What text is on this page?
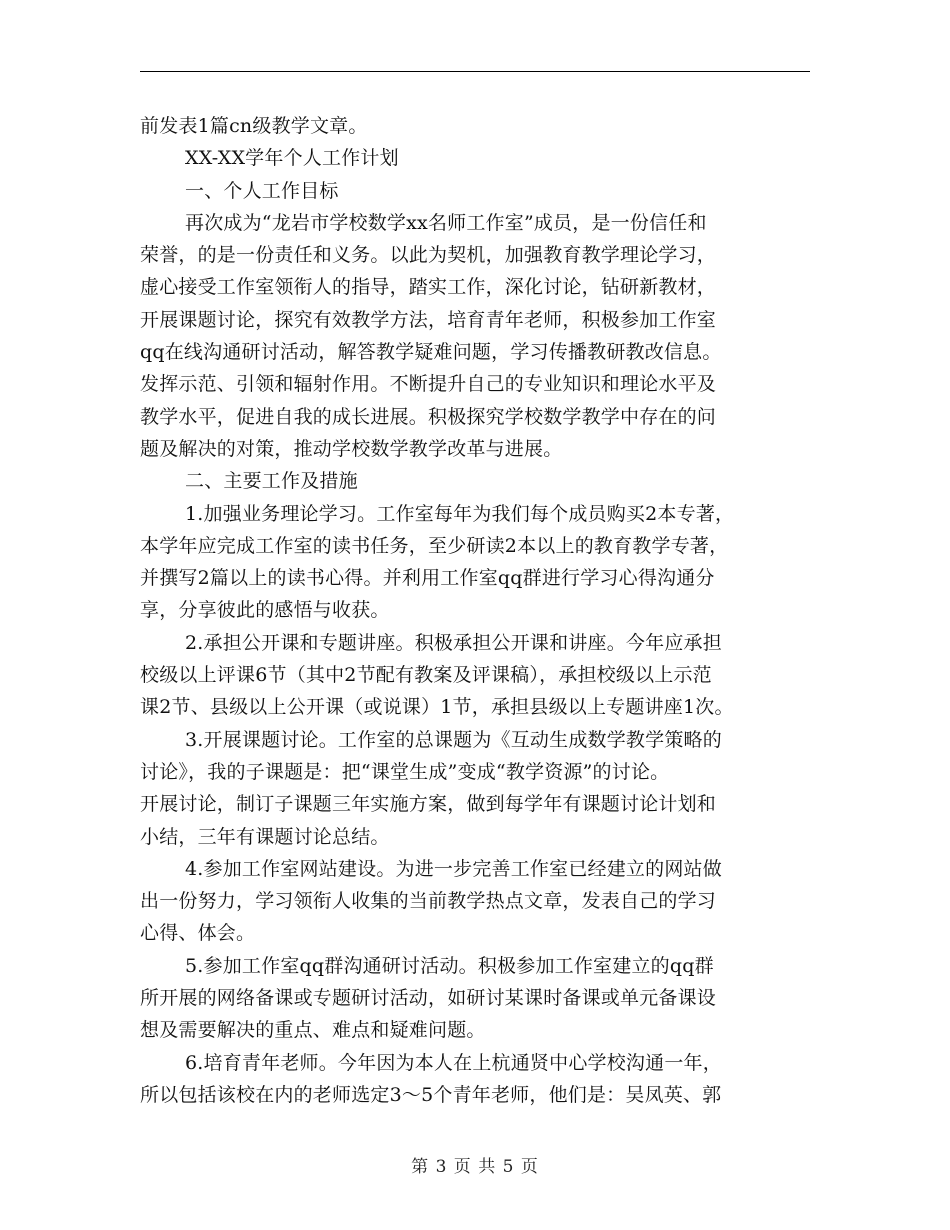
前发表1篇cn级教学文章。
XX-XX学年个人工作计划
一、个人工作目标
再次成为“龙岩市学校数学xx名师工作室”成员，是一份信任和
荣誉，的是一份责任和义务。以此为契机，加强教育教学理论学习，
虚心接受工作室领衔人的指导，踏实工作，深化讨论，钻研新教材，
开展课题讨论，探究有效教学方法，培育青年老师，积极参加工作室
qq在线沟通研讨活动，解答教学疑难问题，学习传播教研教改信息。
发挥示范、引领和辐射作用。不断提升自己的专业知识和理论水平及
教学水平，促进自我的成长进展。积极探究学校数学教学中存在的问
题及解决的对策，推动学校数学教学改革与进展。
二、主要工作及措施
1.加强业务理论学习。工作室每年为我们每个成员购买2本专著，
本学年应完成工作室的读书任务，至少研读2本以上的教育教学专著，
并撰写2篇以上的读书心得。并利用工作室qq群进行学习心得沟通分
享，分享彼此的感悟与收获。
2.承担公开课和专题讲座。积极承担公开课和讲座。今年应承担
校级以上评课6节（其中2节配有教案及评课稿），承担校级以上示范
课2节、县级以上公开课（或说课）1节，承担县级以上专题讲座1次。
3.开展课题讨论。工作室的总课题为《互动生成数学教学策略的
讨论》，我的子课题是：把“课堂生成”变成“教学资源”的讨论。
开展讨论，制订子课题三年实施方案，做到每学年有课题讨论计划和
小结，三年有课题讨论总结。
4.参加工作室网站建设。为进一步完善工作室已经建立的网站做
出一份努力，学习领衔人收集的当前教学热点文章，发表自己的学习
心得、体会。
5.参加工作室qq群沟通研讨活动。积极参加工作室建立的qq群
所开展的网络备课或专题研讨活动，如研讨某课时备课或单元备课设
想及需要解决的重点、难点和疑难问题。
6.培育青年老师。今年因为本人在上杭通贤中心学校沟通一年，
所以包括该校在内的老师选定3～5个青年老师，他们是：吴凤英、郭
第 3 页 共 5 页
